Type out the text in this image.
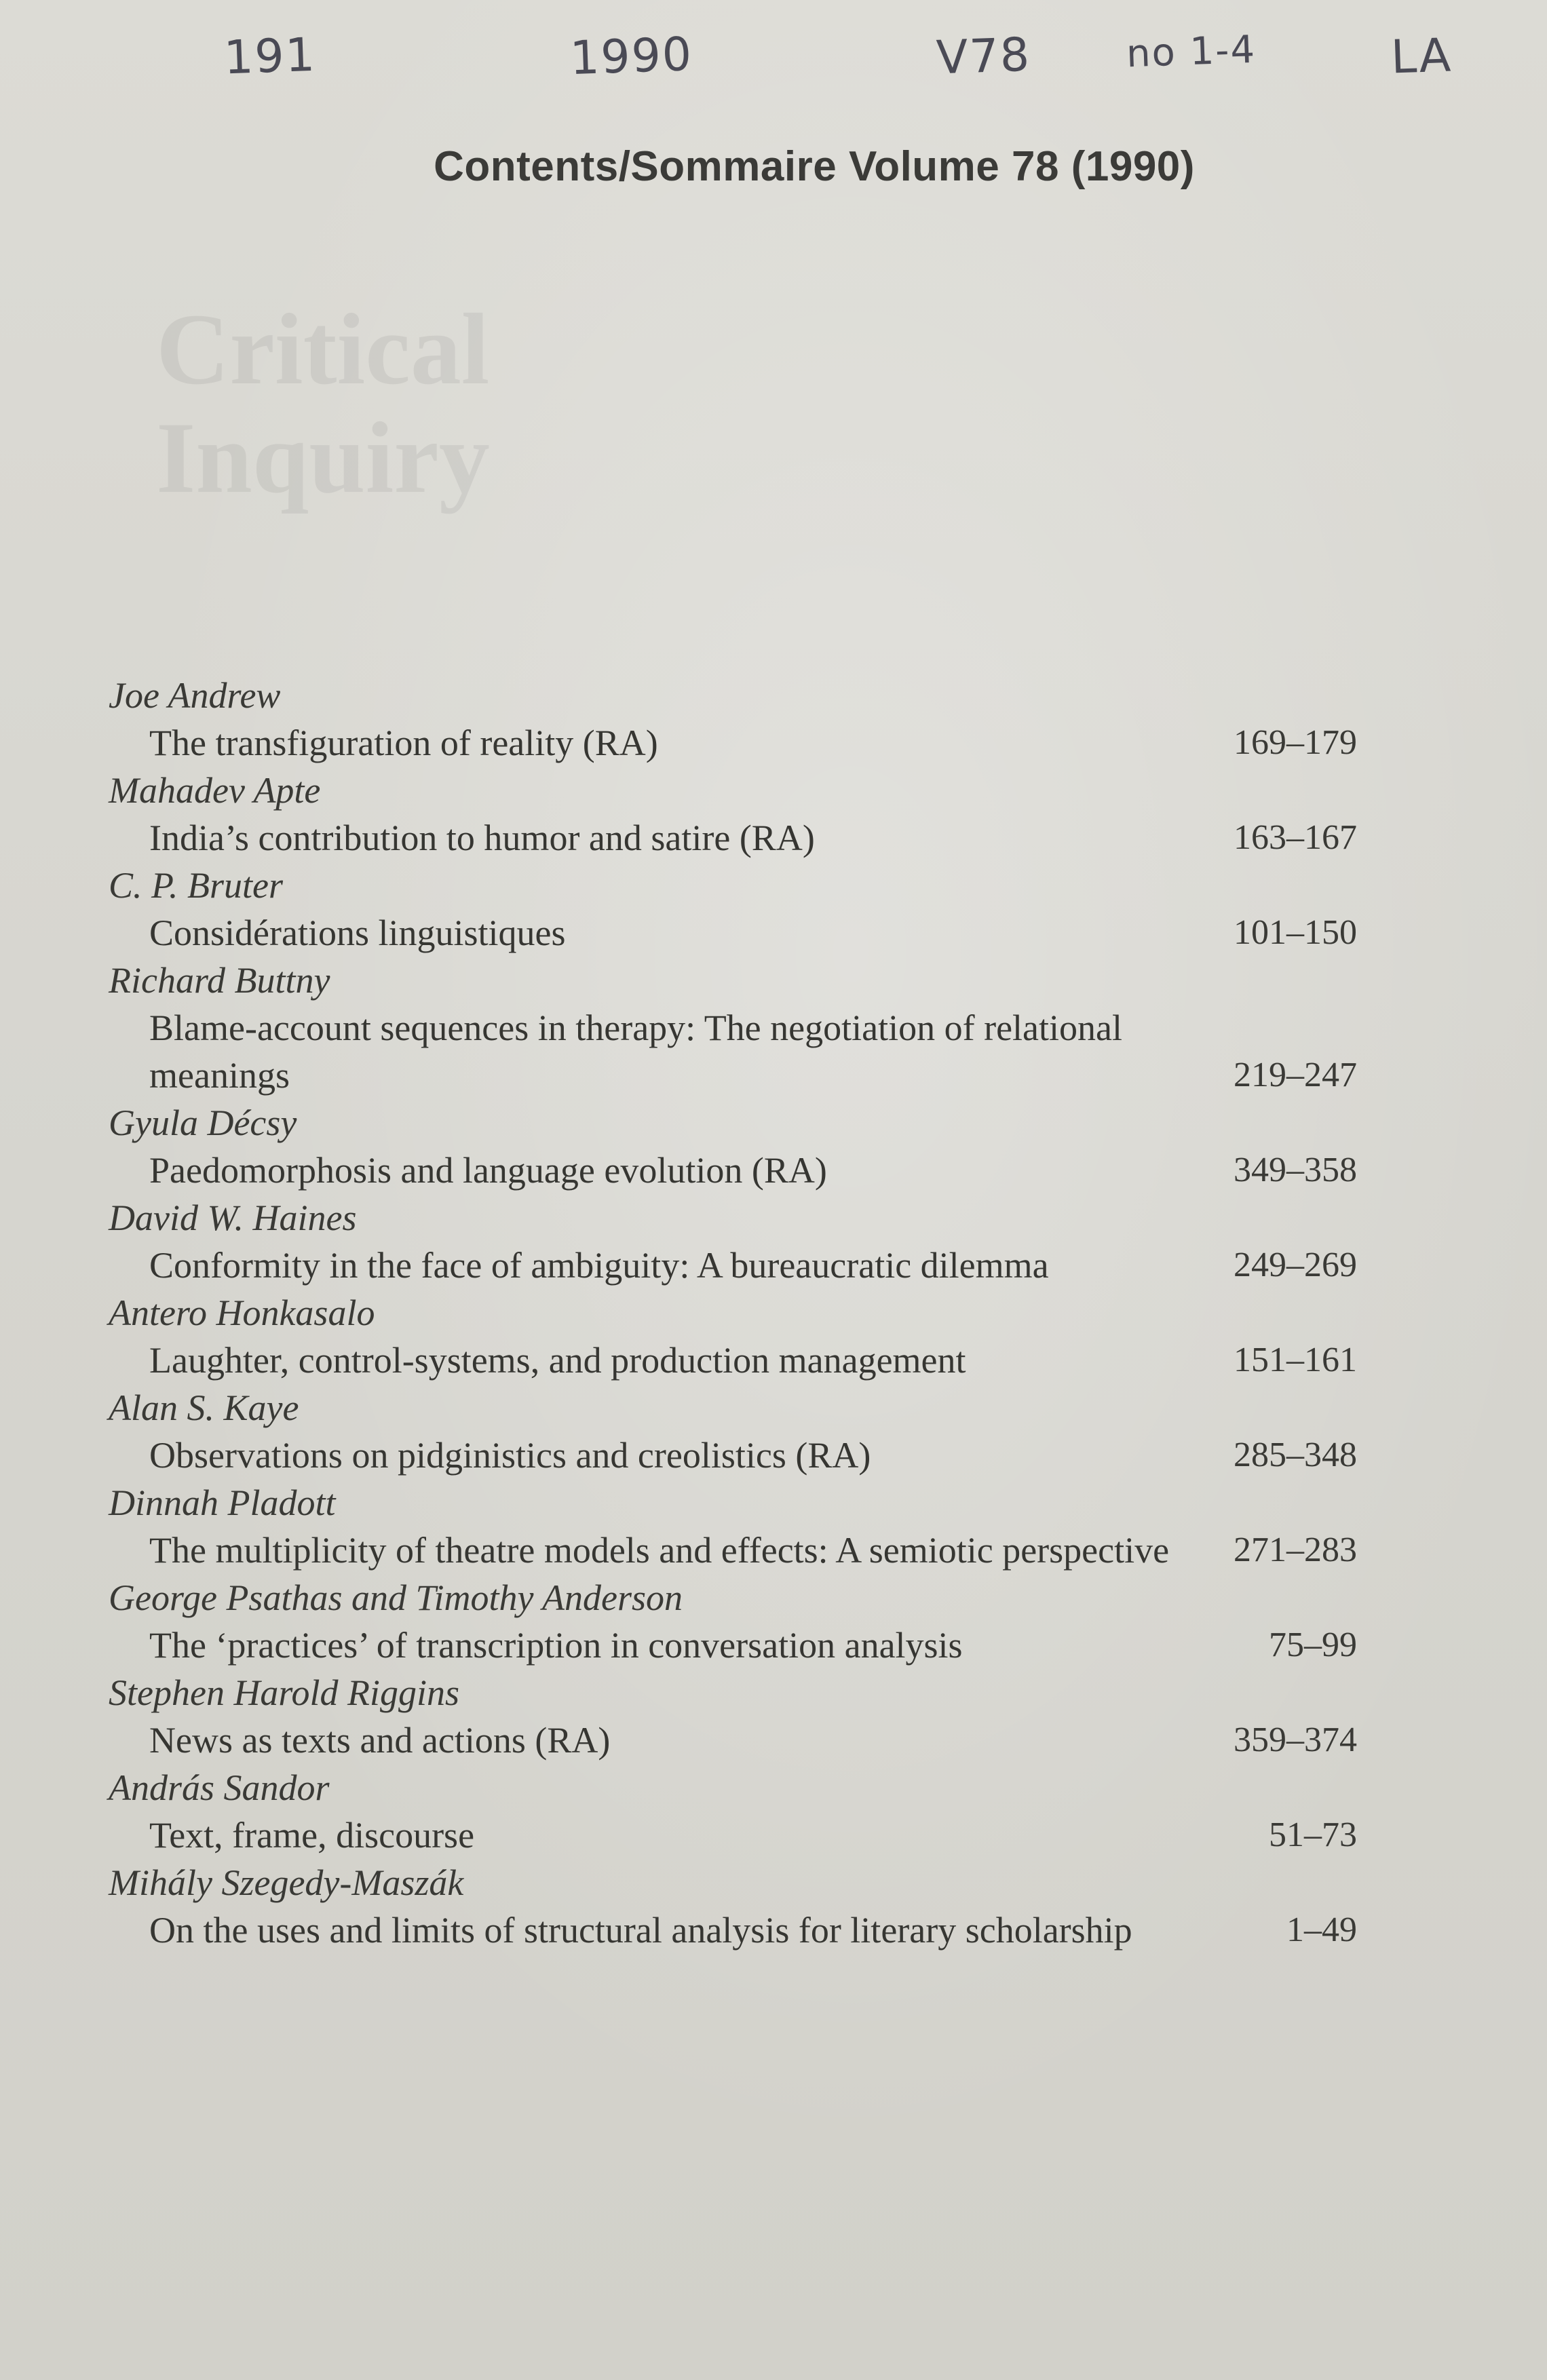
Critical
Inquiry
191	1990	V78 no 1-4	LA
Contents/Sommaire Volume 78 (1990)
Joe Andrew
The transfiguration of reality (RA)	169–179
Mahadev Apte
India’s contribution to humor and satire (RA)	163–167
C. P. Bruter
Considérations linguistiques	101–150
Richard Buttny
Blame-account sequences in therapy: The negotiation of relational meanings	219–247
Gyula Décsy
Paedomorphosis and language evolution (RA)	349–358
David W. Haines
Conformity in the face of ambiguity: A bureaucratic dilemma	249–269
Antero Honkasalo
Laughter, control-systems, and production management	151–161
Alan S. Kaye
Observations on pidginistics and creolistics (RA)	285–348
Dinnah Pladott
The multiplicity of theatre models and effects: A semiotic perspective 271–283
George Psathas and Timothy Anderson
The ‘practices’ of transcription in conversation analysis	75–99
Stephen Harold Riggins
News as texts and actions (RA)	359–374
András Sandor
Text, frame, discourse	51–73
Mihály Szegedy-Maszák
On the uses and limits of structural analysis for literary scholarship	1–49
